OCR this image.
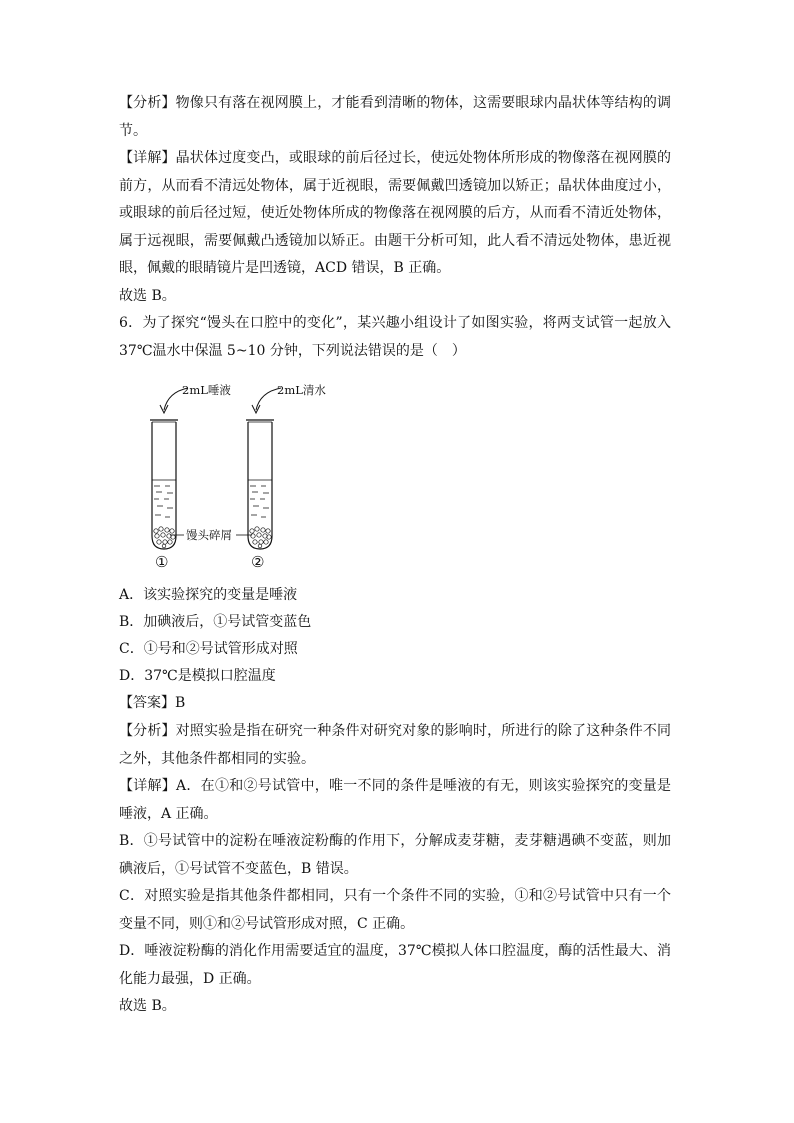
【分析】物像只有落在视网膜上，才能看到清晰的物体，这需要眼球内晶状体等结构的调节。

【详解】晶状体过度变凸，或眼球的前后径过长，使远处物体所形成的物像落在视网膜的前方，从而看不清远处物体，属于近视眼，需要佩戴凹透镜加以矫正；晶状体曲度过小，或眼球的前后径过短，使近处物体所成的物像落在视网膜的后方，从而看不清近处物体，属于远视眼，需要佩戴凸透镜加以矫正。由题干分析可知，此人看不清远处物体，患近视眼，佩戴的眼睛镜片是凹透镜，ACD 错误，B 正确。

故选 B。

6．为了探究“馒头在口腔中的变化”，某兴趣小组设计了如图实验，将两支试管一起放入 37℃温水中保温 5~10 分钟，下列说法错误的是（　）

2mL唾液	2mL清水
馒头碎屑
①	②

A．该实验探究的变量是唾液

B．加碘液后，①号试管变蓝色

C．①号和②号试管形成对照

D．37℃是模拟口腔温度

【答案】B

【分析】对照实验是指在研究一种条件对研究对象的影响时，所进行的除了这种条件不同之外，其他条件都相同的实验。

【详解】A．在①和②号试管中，唯一不同的条件是唾液的有无，则该实验探究的变量是唾液，A 正确。

B．①号试管中的淀粉在唾液淀粉酶的作用下，分解成麦芽糖，麦芽糖遇碘不变蓝，则加碘液后，①号试管不变蓝色，B 错误。

C．对照实验是指其他条件都相同，只有一个条件不同的实验，①和②号试管中只有一个变量不同，则①和②号试管形成对照，C 正确。

D．唾液淀粉酶的消化作用需要适宜的温度，37℃模拟人体口腔温度，酶的活性最大、消化能力最强，D 正确。

故选 B。
